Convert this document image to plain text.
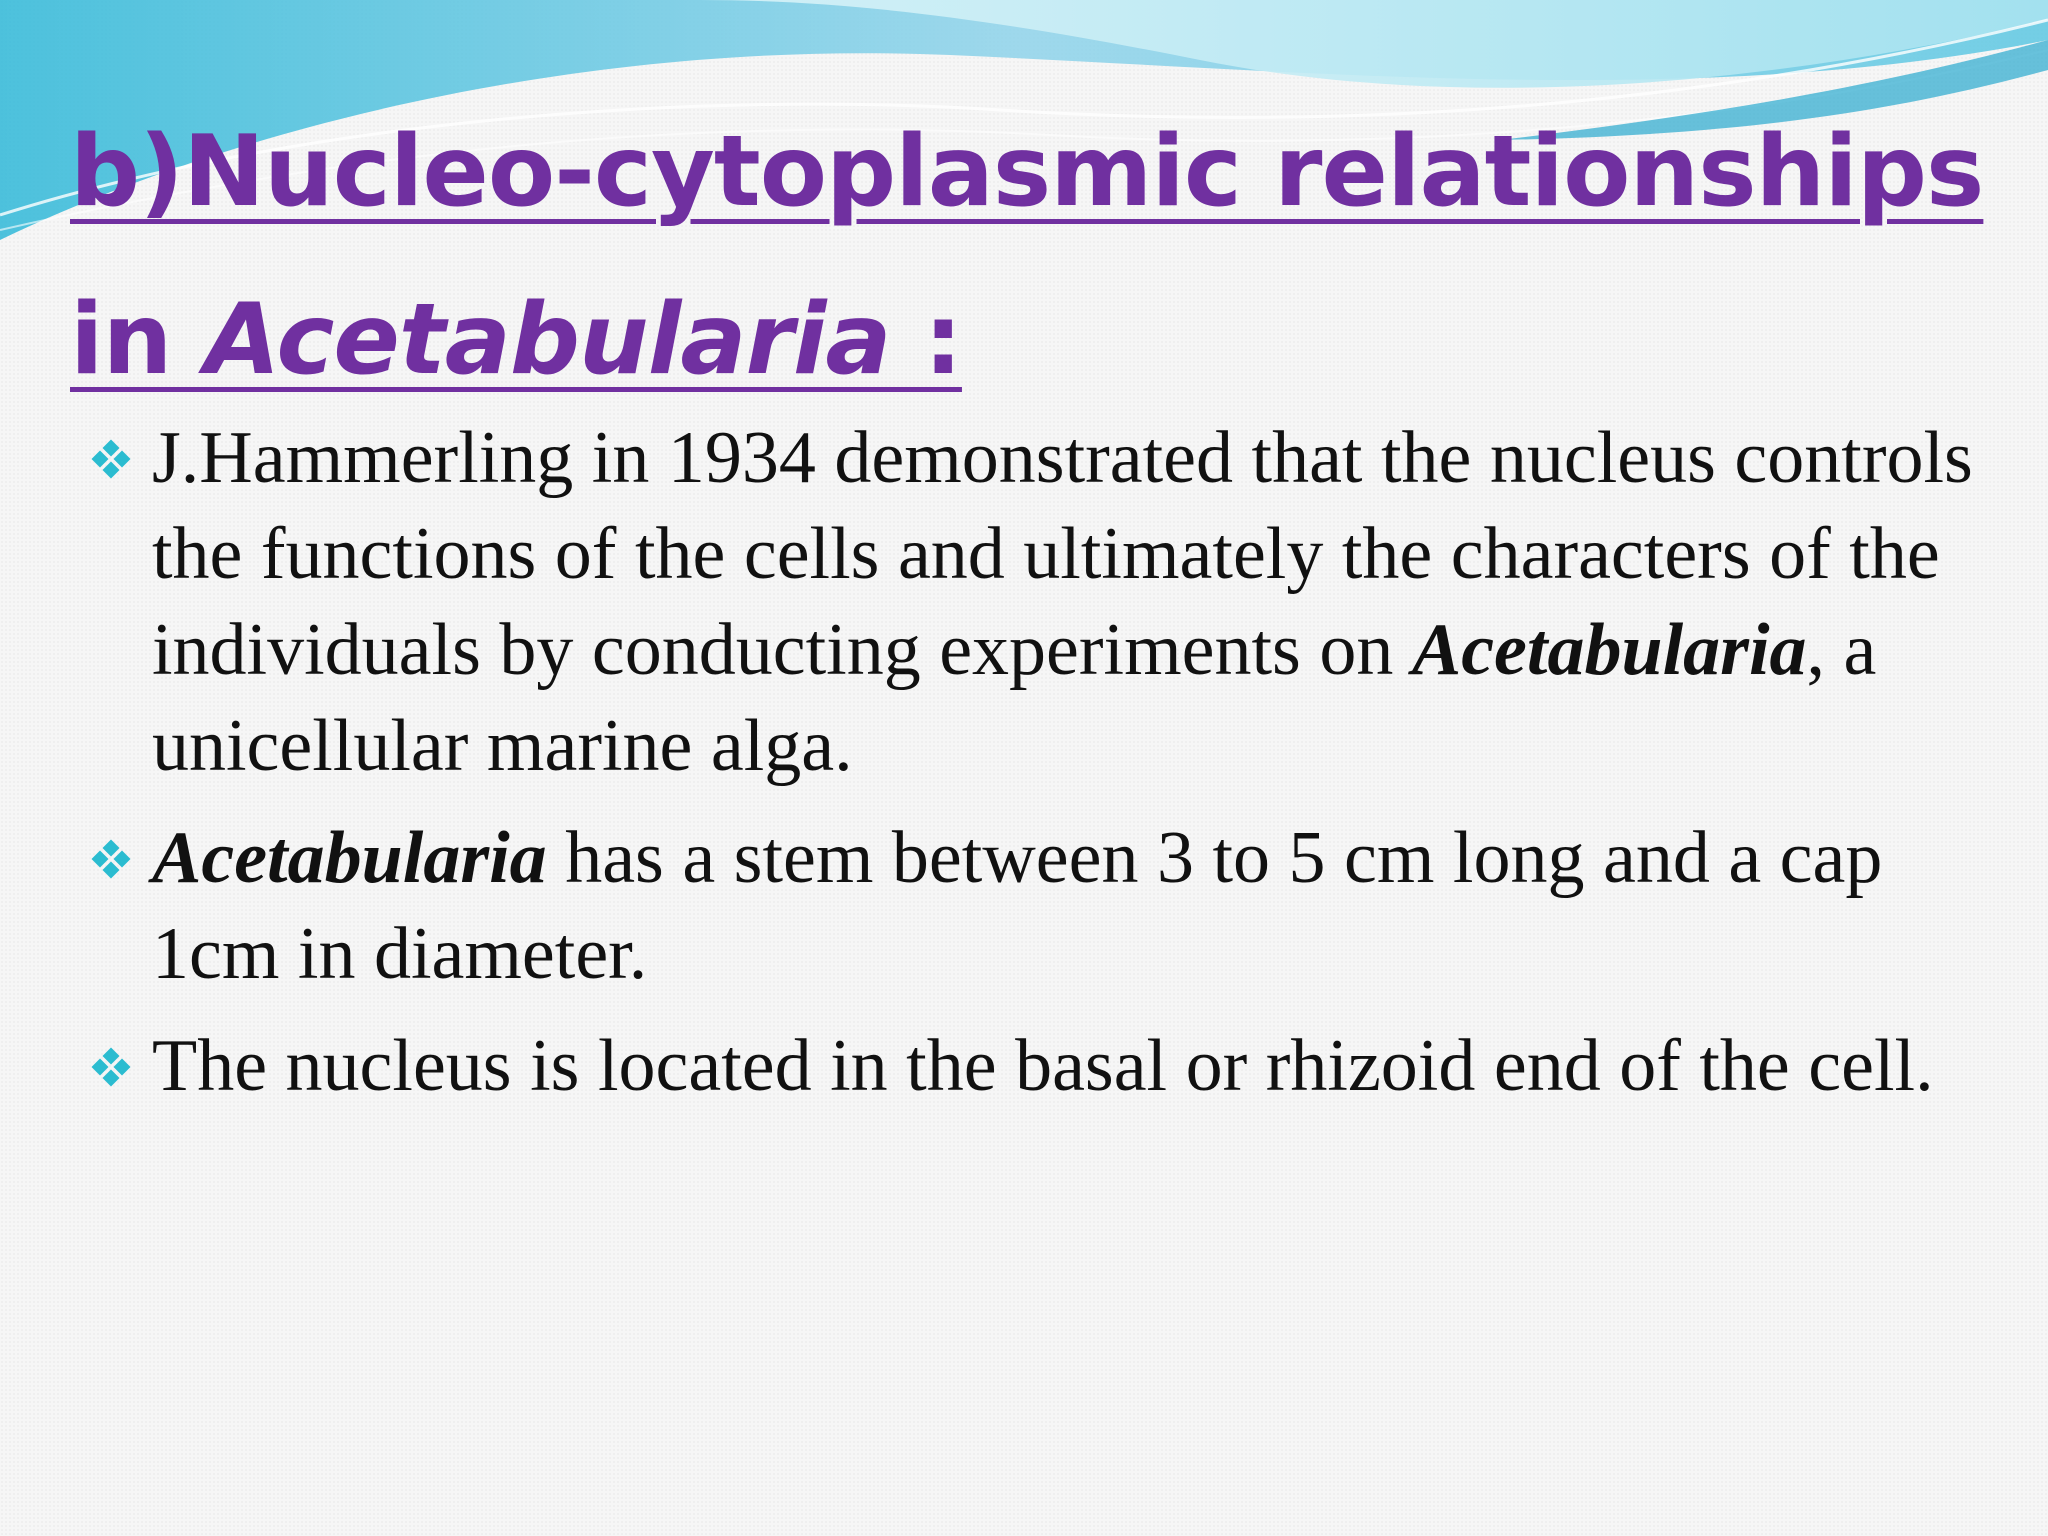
b)Nucleo-cytoplasmic relationships
in Acetabularia :
J.Hammerling in 1934 demonstrated that the nucleus controls the functions of the cells and ultimately the characters of the individuals by conducting experiments on Acetabularia, a unicellular marine alga.
Acetabularia has a stem between 3 to 5 cm long and a cap 1cm in diameter.
The nucleus is located in the basal or rhizoid end of the cell.
